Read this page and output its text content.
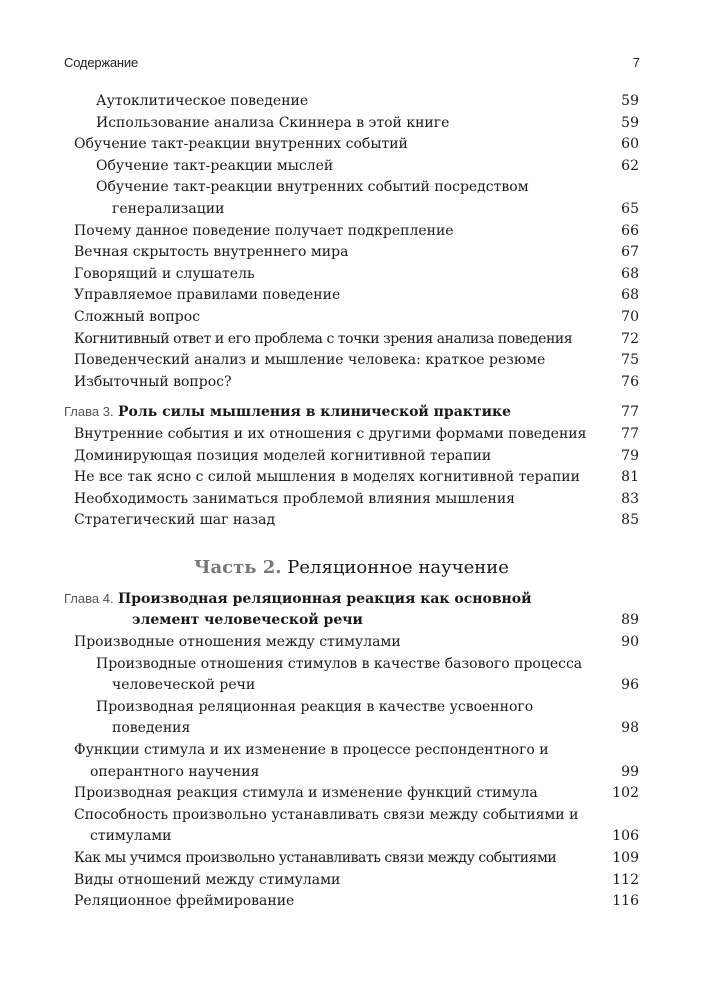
Содержание	7
Аутоклитическое поведение	59
Использование анализа Скиннера в этой книге	59
Обучение такт-реакции внутренних событий	60
Обучение такт-реакции мыслей	62
Обучение такт-реакции внутренних событий посредством генерализации	65
Почему данное поведение получает подкрепление	66
Вечная скрытость внутреннего мира	67
Говорящий и слушатель	68
Управляемое правилами поведение	68
Сложный вопрос	70
Когнитивный ответ и его проблема с точки зрения анализа поведения	72
Поведенческий анализ и мышление человека: краткое резюме	75
Избыточный вопрос?	76
Глава 3. Роль силы мышления в клинической практике	77
Внутренние события и их отношения с другими формами поведения	77
Доминирующая позиция моделей когнитивной терапии	79
Не все так ясно с силой мышления в моделях когнитивной терапии	81
Необходимость заниматься проблемой влияния мышления	83
Стратегический шаг назад	85
Часть 2. Реляционное научение
Глава 4. Производная реляционная реакция как основной элемент человеческой речи	89
Производные отношения между стимулами	90
Производные отношения стимулов в качестве базового процесса человеческой речи	96
Производная реляционная реакция в качестве усвоенного поведения	98
Функции стимула и их изменение в процессе респондентного и оперантного научения	99
Производная реакция стимула и изменение функций стимула	102
Способность произвольно устанавливать связи между событиями и стимулами	106
Как мы учимся произвольно устанавливать связи между событиями	109
Виды отношений между стимулами	112
Реляционное фреймирование	116
